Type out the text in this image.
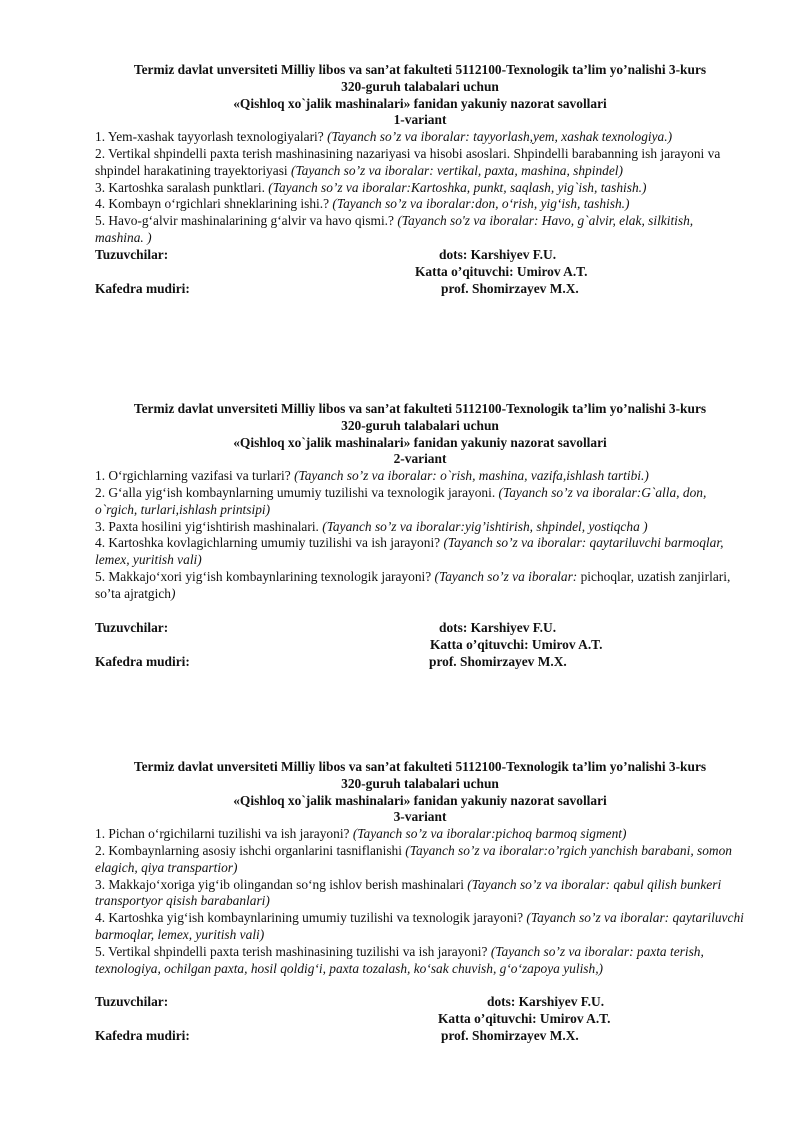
Termiz davlat unversiteti Milliy libos va san’at fakulteti 5112100-Texnologik ta’lim yo’nalishi 3-kurs
320-guruh talabalari uchun
«Qishloq xo`jalik mashinalari» fanidan yakuniy nazorat savollari
1-variant

1. Yem-xashak tayyorlash texnologiyalari? (Tayanch so’z va iboralar: tayyorlash,yem, xashak texnologiya.)

2. Vertikal shpindelli paxta terish mashinasining nazariyasi va hisobi asoslari. Shpindelli barabanning ish jarayoni va shpindel harakatining trayektoriyasi (Tayanch so’z va iboralar: vertikal, paxta, mashina, shpindel)

3. Kartoshka saralash punktlari. (Tayanch so’z va iboralar:Kartoshka, punkt, saqlash, yig`ish, tashish.)

4. Kombayn o‘rgichlari shneklarining ishi.? (Tayanch so’z va iboralar:don, o‘rish, yig‘ish, tashish.)

5. Havo-g‘alvir mashinalarining g‘alvir va havo qismi.? (Tayanch so'z va iboralar: Havo, g`alvir, elak, silkitish, mashina. )

Tuzuvchilar:	dots: Karshiyev F.U.
Katta o’qituvchi: Umirov A.T.
Kafedra mudiri:	prof. Shomirzayev M.X.
Termiz davlat unversiteti Milliy libos va san’at fakulteti 5112100-Texnologik ta’lim yo’nalishi 3-kurs
320-guruh talabalari uchun
«Qishloq xo`jalik mashinalari» fanidan yakuniy nazorat savollari
2-variant

1. O‘rgichlarning vazifasi va turlari? (Tayanch so’z va iboralar: o`rish, mashina, vazifa,ishlash tartibi.)

2. G‘alla yig‘ish kombaynlarning umumiy tuzilishi va texnologik jarayoni. (Tayanch so’z va iboralar:G`alla, don, o`rgich, turlari,ishlash printsipi)

3. Paxta hosilini yig‘ishtirish mashinalari. (Tayanch so’z va iboralar:yig’ishtirish, shpindel, yostiqcha )

4. Kartoshka kovlagichlarning umumiy tuzilishi va ish jarayoni? (Tayanch so’z va iboralar: qaytariluvchi barmoqlar, lemex, yuritish vali)

5. Makkajo‘xori yig‘ish kombaynlarining texnologik jarayoni? (Tayanch so’z va iboralar: pichoqlar, uzatish zanjirlari, so’ta ajratgich)

Tuzuvchilar:	dots: Karshiyev F.U.
Katta o’qituvchi: Umirov A.T.
Kafedra mudiri:	prof. Shomirzayev M.X.
Termiz davlat unversiteti Milliy libos va san’at fakulteti 5112100-Texnologik ta’lim yo’nalishi 3-kurs
320-guruh talabalari uchun
«Qishloq xo`jalik mashinalari» fanidan yakuniy nazorat savollari
3-variant

1. Pichan o‘rgichilarni tuzilishi va ish jarayoni? (Tayanch so’z va iboralar:pichoq barmoq sigment)

2. Kombaynlarning asosiy ishchi organlarini tasniflanishi (Tayanch so’z va iboralar:o’rgich yanchish barabani, somon elagich, qiya transpartior)

3. Makkajo‘xoriga yig‘ib olingandan so‘ng ishlov berish mashinalari (Tayanch so’z va iboralar: qabul qilish bunkeri transportyor qisish barabanlari)

4. Kartoshka yig‘ish kombaynlarining umumiy tuzilishi va texnologik jarayoni? (Tayanch so’z va iboralar: qaytariluvchi barmoqlar, lemex, yuritish vali)

5. Vertikal shpindelli paxta terish mashinasining tuzilishi va ish jarayoni? (Tayanch so’z va iboralar: paxta terish, texnologiya, ochilgan paxta, hosil qoldig‘i, paxta tozalash, ko‘sak chuvish, g‘o‘zapoya yulish,)

Tuzuvchilar:	dots: Karshiyev F.U.
Katta o’qituvchi: Umirov A.T.
Kafedra mudiri:	prof. Shomirzayev M.X.
